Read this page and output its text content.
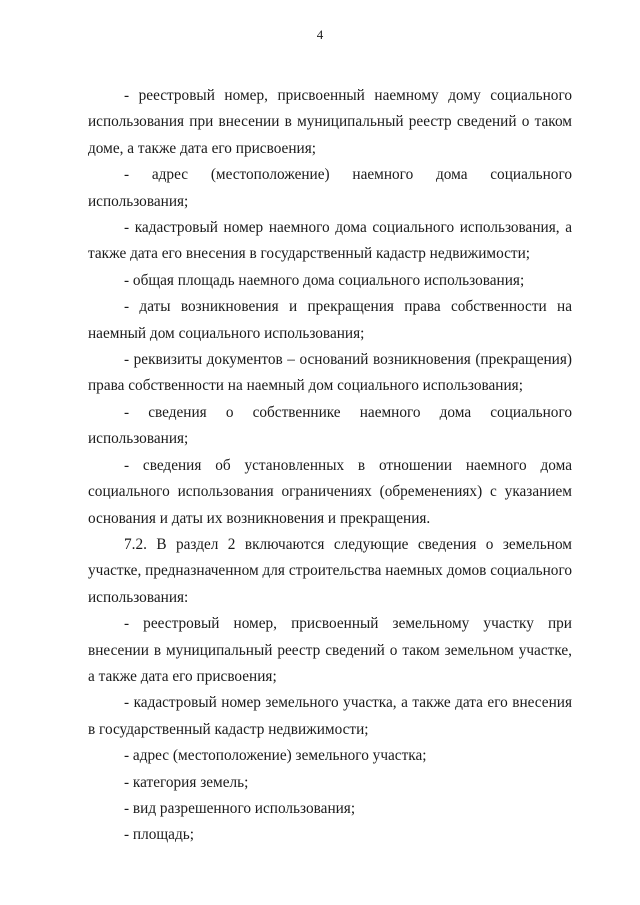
4

- реестровый номер, присвоенный наемному дому социального использования при внесении в муниципальный реестр сведений о таком доме, а также дата его присвоения;

- адрес (местоположение) наемного дома социального использования;

- кадастровый номер наемного дома социального использования, а также дата его внесения в государственный кадастр недвижимости;

- общая площадь наемного дома социального использования;

- даты возникновения и прекращения права собственности на наемный дом социального использования;

- реквизиты документов – оснований возникновения (прекращения) права собственности на наемный дом социального использования;

- сведения о собственнике наемного дома социального использования;

- сведения об установленных в отношении наемного дома социального использования ограничениях (обременениях) с указанием основания и даты их возникновения и прекращения.

7.2. В раздел 2 включаются следующие сведения о земельном участке, предназначенном для строительства наемных домов социального использования:

- реестровый номер, присвоенный земельному участку при внесении в муниципальный реестр сведений о таком земельном участке, а также дата его присвоения;

- кадастровый номер земельного участка, а также дата его внесения в государственный кадастр недвижимости;

- адрес (местоположение) земельного участка;

- категория земель;

- вид разрешенного использования;

- площадь;
